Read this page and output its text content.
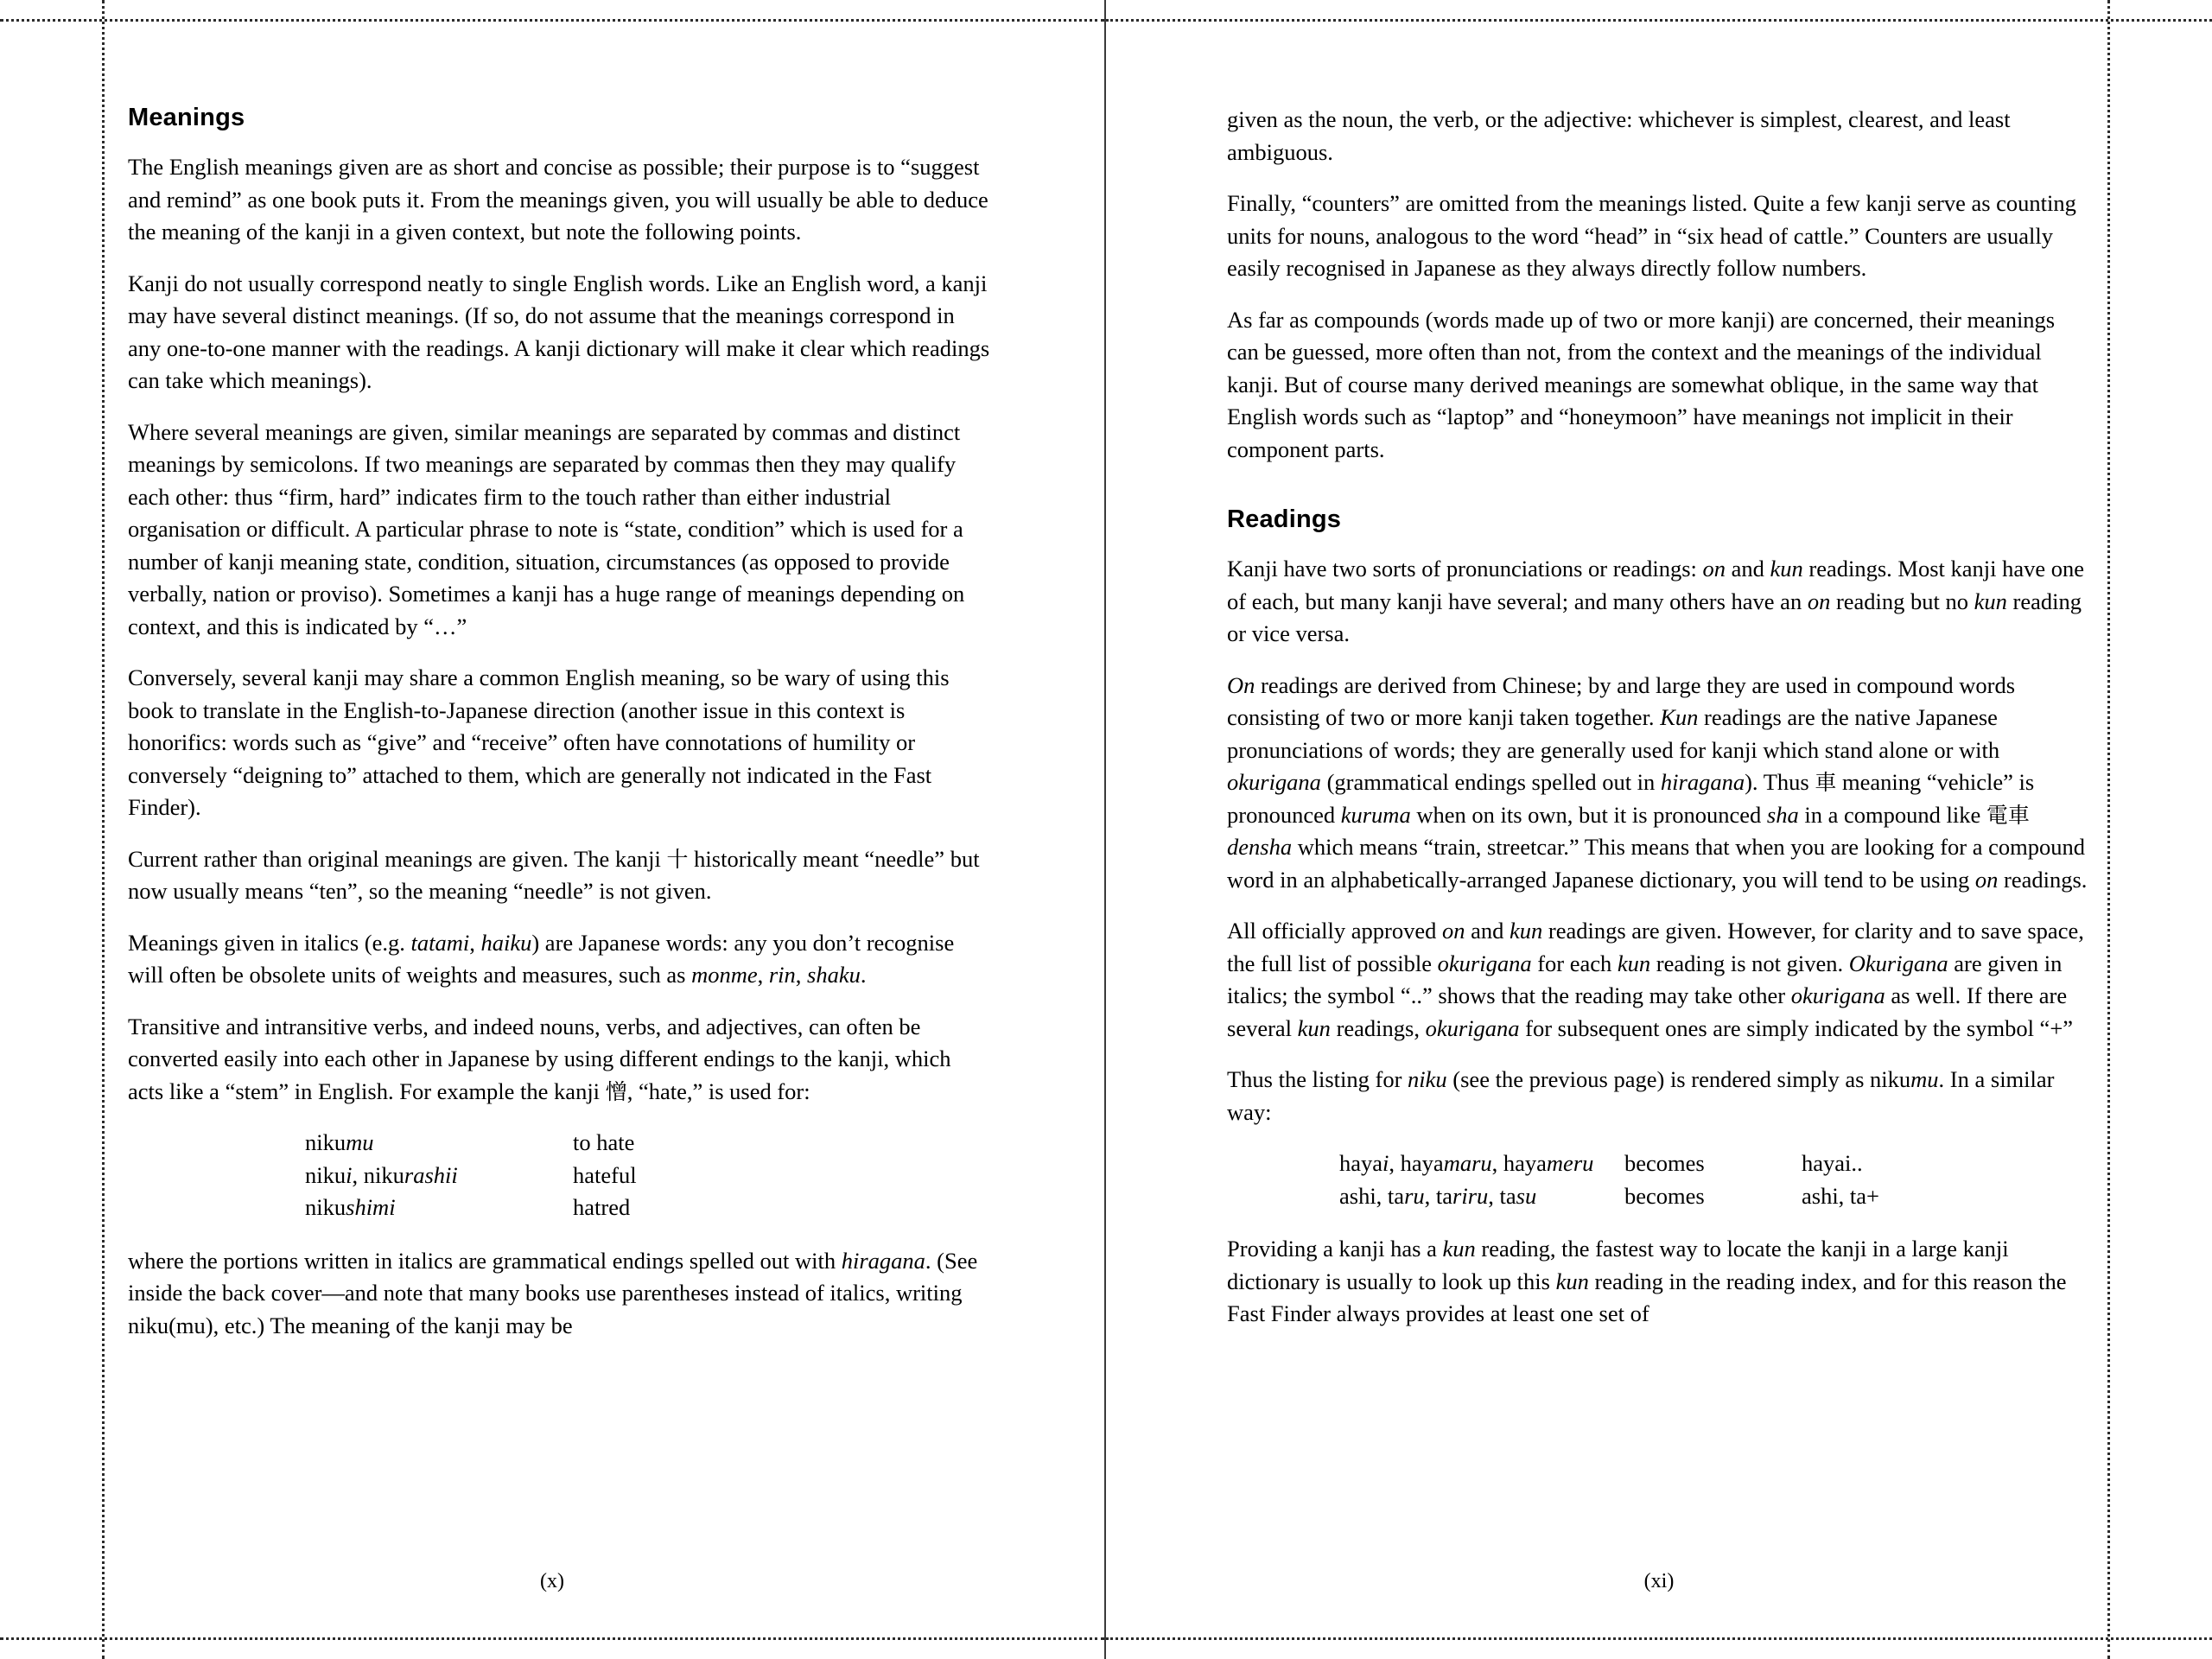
Meanings

The English meanings given are as short and concise as possible; their purpose is to “suggest and remind” as one book puts it. From the meanings given, you will usually be able to deduce the meaning of the kanji in a given context, but note the following points.

Kanji do not usually correspond neatly to single English words. Like an English word, a kanji may have several distinct meanings. (If so, do not assume that the meanings correspond in any one-to-one manner with the readings. A kanji dictionary will make it clear which readings can take which meanings).

Where several meanings are given, similar meanings are separated by commas and distinct meanings by semicolons. If two meanings are separated by commas then they may qualify each other: thus “firm, hard” indicates firm to the touch rather than either industrial organisation or difficult. A particular phrase to note is “state, condition” which is used for a number of kanji meaning state, condition, situation, circumstances (as opposed to provide verbally, nation or proviso). Sometimes a kanji has a huge range of meanings depending on context, and this is indicated by “…”

Conversely, several kanji may share a common English meaning, so be wary of using this book to translate in the English-to-Japanese direction (another issue in this context is honorifics: words such as “give” and “receive” often have connotations of humility or conversely “deigning to” attached to them, which are generally not indicated in the Fast Finder).

Current rather than original meanings are given. The kanji 十 historically meant “needle” but now usually means “ten”, so the meaning “needle” is not given.

Meanings given in italics (e.g. tatami, haiku) are Japanese words: any you don’t recognise will often be obsolete units of weights and measures, such as monme, rin, shaku.

Transitive and intransitive verbs, and indeed nouns, verbs, and adjectives, can often be converted easily into each other in Japanese by using different endings to the kanji, which acts like a “stem” in English. For example the kanji 憎, “hate,” is used for:

nikumu	to hate
nikui, nikurashii	hateful
nikushimi	hatred

where the portions written in italics are grammatical endings spelled out with hiragana. (See inside the back cover—and note that many books use parentheses instead of italics, writing niku(mu), etc.) The meaning of the kanji may be

(x)

given as the noun, the verb, or the adjective: whichever is simplest, clearest, and least ambiguous.

Finally, “counters” are omitted from the meanings listed. Quite a few kanji serve as counting units for nouns, analogous to the word “head” in “six head of cattle.” Counters are usually easily recognised in Japanese as they always directly follow numbers.

As far as compounds (words made up of two or more kanji) are concerned, their meanings can be guessed, more often than not, from the context and the meanings of the individual kanji. But of course many derived meanings are somewhat oblique, in the same way that English words such as “laptop” and “honeymoon” have meanings not implicit in their component parts.

Readings

Kanji have two sorts of pronunciations or readings: on and kun readings. Most kanji have one of each, but many kanji have several; and many others have an on reading but no kun reading or vice versa.

On readings are derived from Chinese; by and large they are used in compound words consisting of two or more kanji taken together. Kun readings are the native Japanese pronunciations of words; they are generally used for kanji which stand alone or with okurigana (grammatical endings spelled out in hiragana). Thus 車 meaning “vehicle” is pronounced kuruma when on its own, but it is pronounced sha in a compound like 電車 densha which means “train, streetcar.” This means that when you are looking for a compound word in an alphabetically-arranged Japanese dictionary, you will tend to be using on readings.

All officially approved on and kun readings are given. However, for clarity and to save space, the full list of possible okurigana for each kun reading is not given. Okurigana are given in italics; the symbol “..” shows that the reading may take other okurigana as well. If there are several kun readings, okurigana for subsequent ones are simply indicated by the symbol “+”

Thus the listing for niku (see the previous page) is rendered simply as nikumu. In a similar way:

hayai, hayamaru, hayameru	becomes	hayai..
ashi, taru, tariru, tasu	becomes	ashi, ta+

Providing a kanji has a kun reading, the fastest way to locate the kanji in a large kanji dictionary is usually to look up this kun reading in the reading index, and for this reason the Fast Finder always provides at least one set of

(xi)
